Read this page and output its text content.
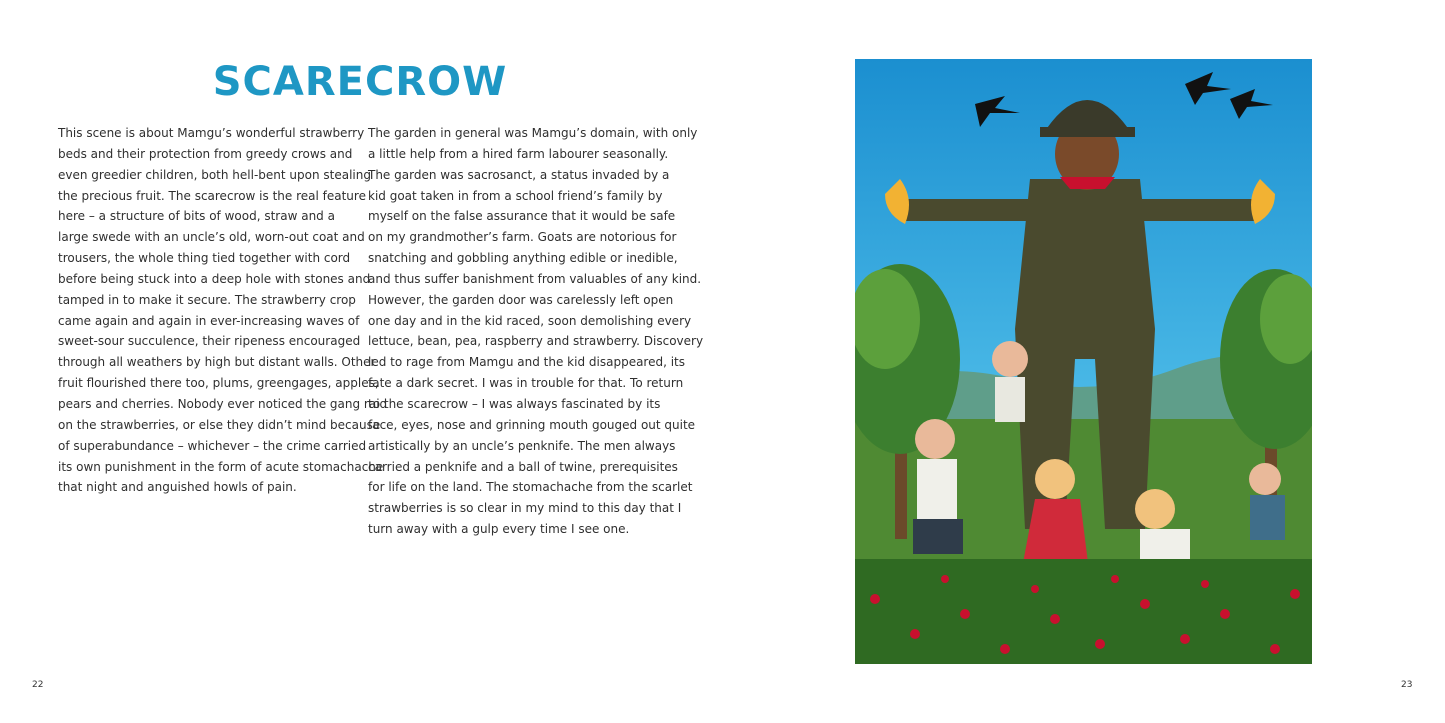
SCARECROW

This scene is about Mamgu’s wonderful strawberry
beds and their protection from greedy crows and
even greedier children, both hell-bent upon stealing
the precious fruit. The scarecrow is the real feature
here – a structure of bits of wood, straw and a
large swede with an uncle’s old, worn-out coat and
trousers, the whole thing tied together with cord
before being stuck into a deep hole with stones and
tamped in to make it secure. The strawberry crop
came again and again in ever-increasing waves of
sweet-sour succulence, their ripeness encouraged
through all weathers by high but distant walls. Other
fruit flourished there too, plums, greengages, apples,
pears and cherries. Nobody ever noticed the gang raid
on the strawberries, or else they didn’t mind because
of superabundance – whichever – the crime carried
its own punishment in the form of acute stomachache
that night and anguished howls of pain.

The garden in general was Mamgu’s domain, with only
a little help from a hired farm labourer seasonally.
The garden was sacrosanct, a status invaded by a
kid goat taken in from a school friend’s family by
myself on the false assurance that it would be safe
on my grandmother’s farm. Goats are notorious for
snatching and gobbling anything edible or inedible,
and thus suffer banishment from valuables of any kind.
However, the garden door was carelessly left open
one day and in the kid raced, soon demolishing every
lettuce, bean, pea, raspberry and strawberry. Discovery
led to rage from Mamgu and the kid disappeared, its
fate a dark secret. I was in trouble for that. To return
to the scarecrow – I was always fascinated by its
face, eyes, nose and grinning mouth gouged out quite
artistically by an uncle’s penknife. The men always
carried a penknife and a ball of twine, prerequisites
for life on the land. The stomachache from the scarlet
strawberries is so clear in my mind to this day that I
turn away with a gulp every time I see one.

22	23
